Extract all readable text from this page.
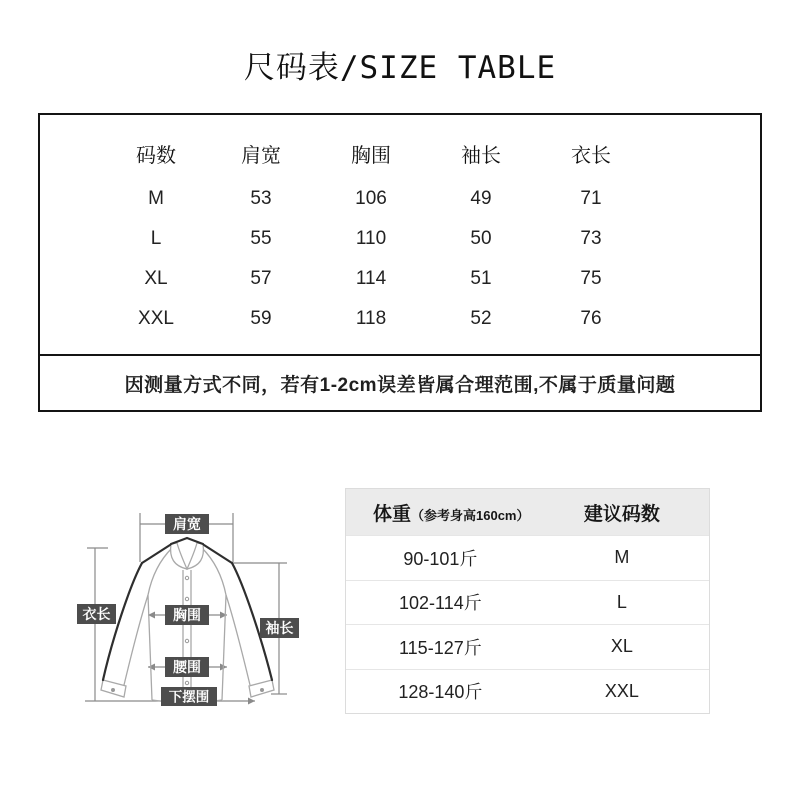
尺码表/SIZE TABLE
码数	肩宽	胸围	袖长	衣长
M	53	106	49	71
L	55	110	50	73
XL	57	114	51	75
XXL	59	118	52	76
因测量方式不同，若有1-2cm误差皆属合理范围,不属于质量问题
肩宽
衣长	胸围
腰围
袖长
下摆围
体重（参考身高160cm）	建议码数
90-101斤	M
102-114斤	L
115-127斤	XL
128-140斤	XXL
